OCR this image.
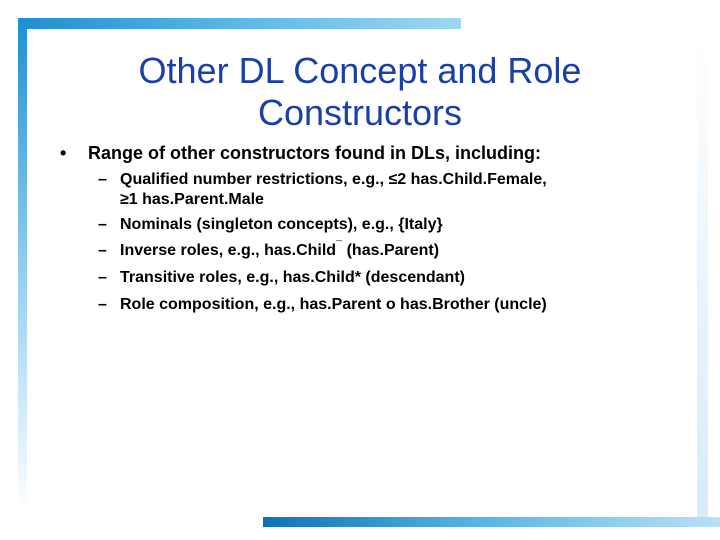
Other DL Concept and Role
Constructors
• Range of other constructors found in DLs, including:
– Qualified number restrictions, e.g., ≤2 has.Child.Female,
≥1 has.Parent.Male
– Nominals (singleton concepts), e.g., {Italy}
– Inverse roles, e.g., has.Child¯ (has.Parent)
– Transitive roles, e.g., has.Child* (descendant)
– Role composition, e.g., has.Parent o has.Brother (uncle)
